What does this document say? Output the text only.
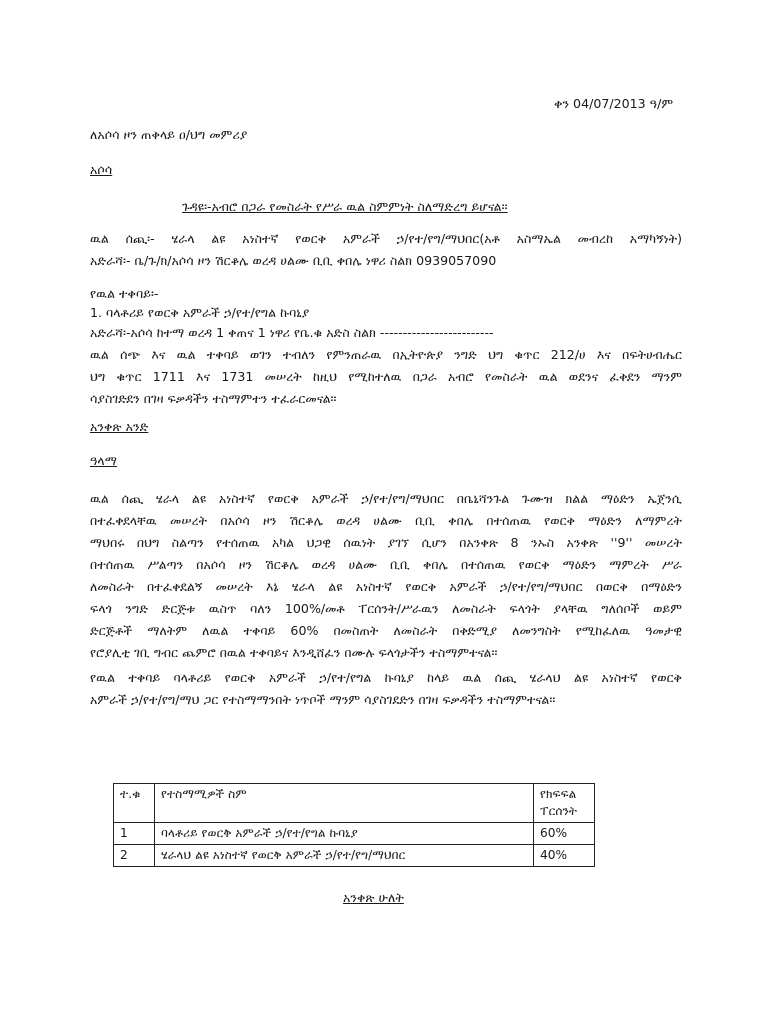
ቀን 04/07/2013 ዓ/ም
ለአሶሳ ዞን ጠቅላይ ዐ/ህግ መምሪያ
አሶሳ
ጉዳዩ፡-አብሮ በጋራ የመስራት የሥራ ዉል ስምምነት ስለማድረግ ይሆናል፡፡
ዉል ሰጪ፡- ሄራላ ልዩ አነስተኛ የወርቅ አምራች ኃ/የተ/የግ/ማህበር(አቶ አስማኤል መብረከ አማካኝነት)
አድራሻ፡- ቤ/ጉ/ክ/አሶሳ ዞን ሽርቆሌ ወረዳ ሀልሙ ቢቢ ቀበሌ ነዋሪ ስልክ 0939057090
የዉል ተቀባይ፡-
1. ባላቶሪይ የወርቅ አምራች ኃ/የተ/የግል ኩባኒያ
አድራሻ፡-አሶሳ ከተማ ወረዳ 1 ቀጠና 1 ነዋሪ የቤ.ቁ አድስ ስልክ -------------------------
ዉል ሰጭ እና ዉል ተቀባይ ወገን ተብለን የምንጠራዉ በኢትዮጵያ ንግድ ህግ ቁጥር 212/ሀ እና በፍትሀብሔር
ህግ ቁጥር 1711 እና 1731 መሠረት ከዚህ የሚከተለዉ በጋራ አብሮ የመስራት ዉል ወደንና ፈቅደን ማንም
ሳያስገድደን በገዛ ፍቃዳችን ተስማምተን ተፈራርመናል፡፡
አንቀጽ አንድ
ዓላማ
ዉል ሰጪ ሄራላ ልዩ አነስተኛ የወርቅ አምራች ኃ/የተ/የግ/ማህበር በቤኒሻንጉል ጉሙዝ ክልል ማዕድን ኤጀንሲ
በተፈቀደላቸዉ መሠረት በአሶሳ ዞን ሽርቆሌ ወረዳ ሀልሙ ቢቢ ቀበሌ በተሰጠዉ የወርቅ ማዕድን ለማምረት
ማህበሩ በህግ ስልጣን የተሰጠዉ አካል ህጋዊ ሰዉነት ያገኘ ሲሆን በአንቀጽ 8 ንኡስ አንቀጽ ''9'' መሠረት
በተሰጠዉ ሥልጣን በአሶሳ ዞን ሽርቆሌ ወረዳ ሀልሙ ቢቢ ቀበሌ በተሰጠዉ የወርቅ ማዕድን ማምረት ሥራ
ለመስራት በተፈቀደልኝ መሠረት እኔ ሄራላ ልዩ አነስተኛ የወርቅ አምራች ኃ/የተ/የግ/ማህበር በወርቅ በማዕድን
ፍላጎ ንግድ ድርጅቱ ዉስጥ ባለን 100%/መቶ ፐርሰንት/ሥራዉን ለመስራት ፍላጎት ያላቸዉ ግለሰቦች ወይም
ድርጅቶች ማለትም ለዉል ተቀባይ 60% በመስጠት ለመስራት በቅድሚያ ለመንግስት የሚከፈለዉ ዓመታዊ
የሮያሊቲ ገቢ ግብር ጨምሮ በዉል ተቀባይና እንዲሸፈን በሙሉ ፍላጎታችን ተስማምተናል፡፡
የዉል ተቀባይ ባላቶሪይ የወርቅ አምራች ኃ/የተ/የግል ኩባኒያ ከላይ ዉል ሰጪ ሄራላህ ልዩ አነስተኛ የወርቅ
አምራች ኃ/የተ/የግ/ማህ ጋር የተስማማንበት ነጥቦች ማንም ሳያስገደድን በገዛ ፍቃዳችን ተስማምተናል፡፡
ተ.ቁ	የተስማሚዎች ስም	የክፍፍል ፐርሰንት
1	ባላቶሪይ የወርቅ አምራች ኃ/የተ/የግል ኩባኒያ	60%
2	ሄራላህ ልዩ አነስተኛ የወርቅ አምራች ኃ/የተ/የግ/ማህበር	40%
አንቀጽ ሁለት
